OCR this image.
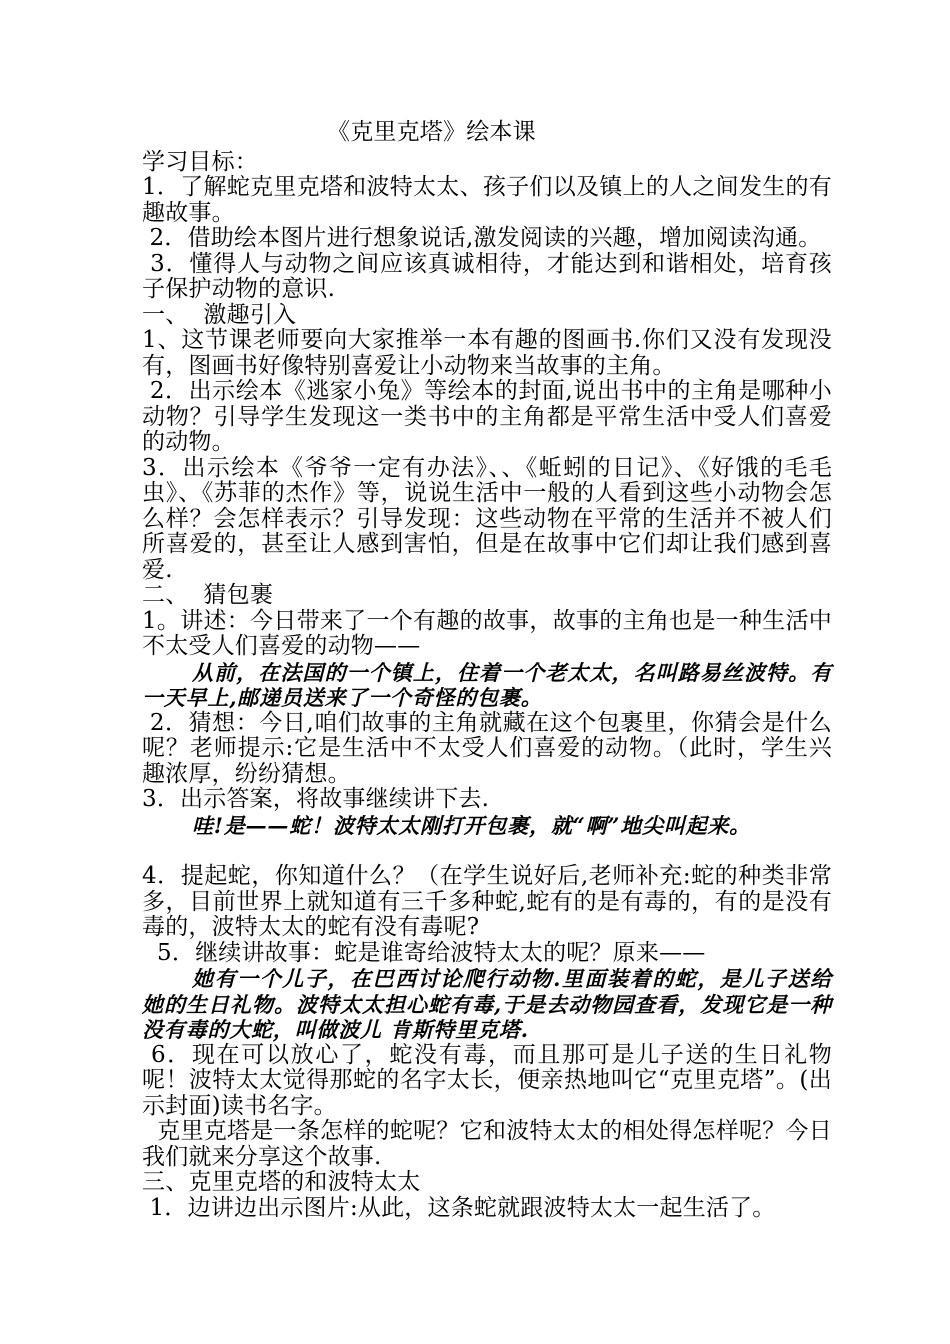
《克里克塔》绘本课

学习目标：

1．了解蛇克里克塔和波特太太、孩子们以及镇上的人之间发生的有趣故事。

2．借助绘本图片进行想象说话,激发阅读的兴趣，增加阅读沟通。

3．懂得人与动物之间应该真诚相待，才能达到和谐相处，培育孩子保护动物的意识.

一、  激趣引入

1、这节课老师要向大家推举一本有趣的图画书.你们又没有发现没有，图画书好像特别喜爱让小动物来当故事的主角。

2．出示绘本《逃家小兔》等绘本的封面,说出书中的主角是哪种小动物？引导学生发现这一类书中的主角都是平常生活中受人们喜爱的动物。

3．出示绘本《爷爷一定有办法》、、《蚯蚓的日记》、《好饿的毛毛虫》、《苏菲的杰作》等，说说生活中一般的人看到这些小动物会怎么样？会怎样表示？引导发现：这些动物在平常的生活并不被人们所喜爱的，甚至让人感到害怕，但是在故事中它们却让我们感到喜爱.

二、  猜包裹

1。讲述：今日带来了一个有趣的故事，故事的主角也是一种生活中不太受人们喜爱的动物——

从前，在法国的一个镇上，住着一个老太太，名叫路易丝波特。有一天早上,邮递员送来了一个奇怪的包裹。

2．猜想：今日,咱们故事的主角就藏在这个包裹里，你猜会是什么呢？老师提示:它是生活中不太受人们喜爱的动物。（此时，学生兴趣浓厚，纷纷猜想。

3．出示答案，将故事继续讲下去.

哇!是——蛇！波特太太刚打开包裹，就“啊”地尖叫起来。

4．提起蛇，你知道什么？（在学生说好后,老师补充:蛇的种类非常多，目前世界上就知道有三千多种蛇,蛇有的是有毒的，有的是没有毒的，波特太太的蛇有没有毒呢?

5．继续讲故事：蛇是谁寄给波特太太的呢？原来——

她有一个儿子，在巴西讨论爬行动物.里面装着的蛇，是儿子送给她的生日礼物。波特太太担心蛇有毒,于是去动物园查看，发现它是一种没有毒的大蛇，叫做波儿 肯斯特里克塔.

6．现在可以放心了，蛇没有毒，而且那可是儿子送的生日礼物呢！波特太太觉得那蛇的名字太长，便亲热地叫它“克里克塔”。(出示封面)读书名字。

克里克塔是一条怎样的蛇呢？它和波特太太的相处得怎样呢？今日我们就来分享这个故事.

三、克里克塔的和波特太太

1．边讲边出示图片:从此，这条蛇就跟波特太太一起生活了。
